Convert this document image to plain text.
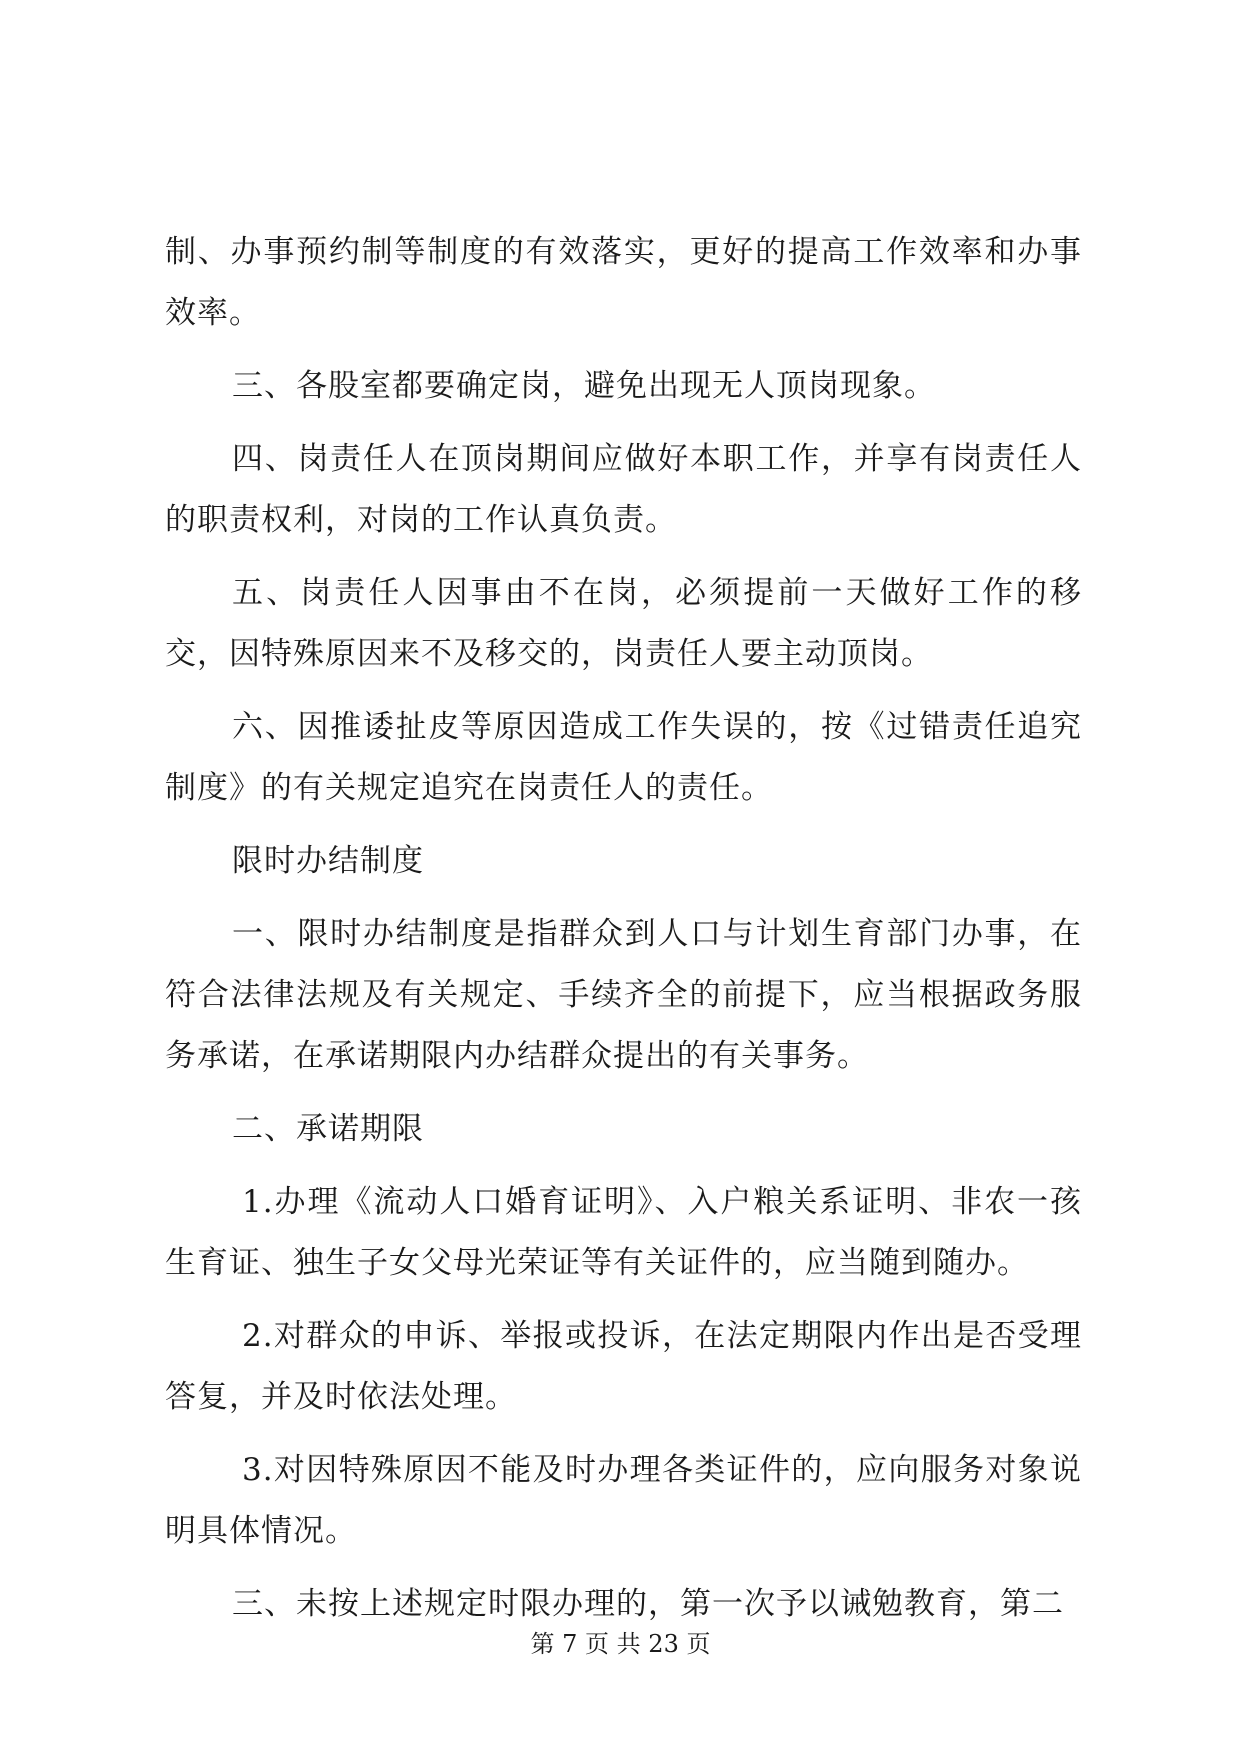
制、办事预约制等制度的有效落实，更好的提高工作效率和办事效率。

三、各股室都要确定岗，避免出现无人顶岗现象。

四、岗责任人在顶岗期间应做好本职工作，并享有岗责任人的职责权利，对岗的工作认真负责。

五、岗责任人因事由不在岗，必须提前一天做好工作的移交，因特殊原因来不及移交的，岗责任人要主动顶岗。

六、因推诿扯皮等原因造成工作失误的，按《过错责任追究制度》的有关规定追究在岗责任人的责任。

限时办结制度

一、限时办结制度是指群众到人口与计划生育部门办事，在符合法律法规及有关规定、手续齐全的前提下，应当根据政务服务承诺，在承诺期限内办结群众提出的有关事务。

二、承诺期限

1.办理《流动人口婚育证明》、入户粮关系证明、非农一孩生育证、独生子女父母光荣证等有关证件的，应当随到随办。

2.对群众的申诉、举报或投诉，在法定期限内作出是否受理答复，并及时依法处理。

3.对因特殊原因不能及时办理各类证件的，应向服务对象说明具体情况。

三、未按上述规定时限办理的，第一次予以诫勉教育，第二

第 7 页 共 23 页
